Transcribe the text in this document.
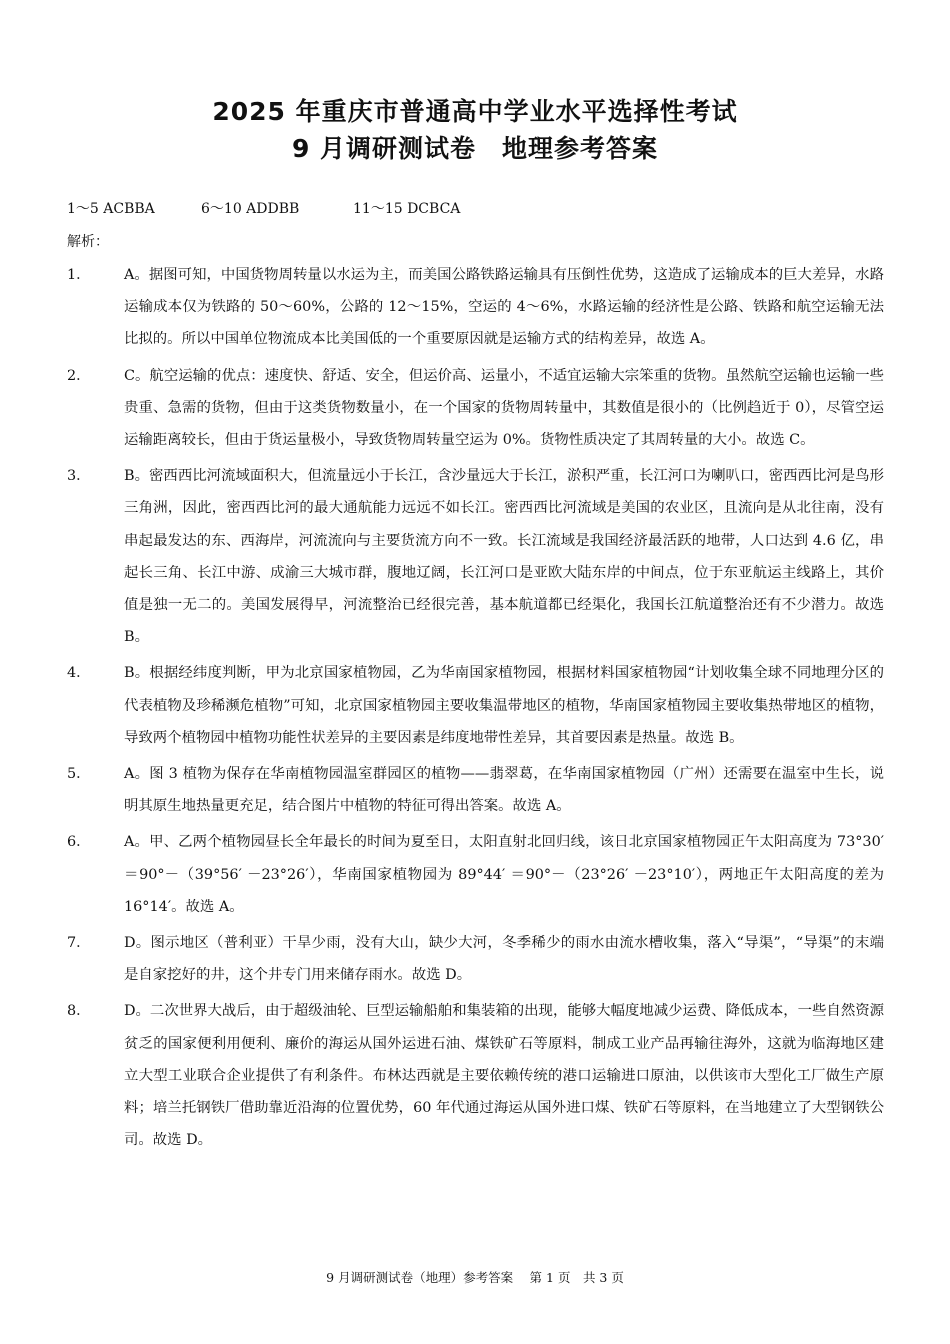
2025 年重庆市普通高中学业水平选择性考试
9 月调研测试卷　地理参考答案
1～5 ACBBA	6～10 ADDBB	11～15 DCBCA
解析：
1． A。据图可知，中国货物周转量以水运为主，而美国公路铁路运输具有压倒性优势，这造成了运输成本的巨大差异，水路运输成本仅为铁路的 50～60%，公路的 12～15%，空运的 4～6%，水路运输的经济性是公路、铁路和航空运输无法比拟的。所以中国单位物流成本比美国低的一个重要原因就是运输方式的结构差异，故选 A。
2． C。航空运输的优点：速度快、舒适、安全，但运价高、运量小，不适宜运输大宗笨重的货物。虽然航空运输也运输一些贵重、急需的货物，但由于这类货物数量小，在一个国家的货物周转量中，其数值是很小的（比例趋近于 0），尽管空运运输距离较长，但由于货运量极小，导致货物周转量空运为 0%。货物性质决定了其周转量的大小。故选 C。
3． B。密西西比河流域面积大，但流量远小于长江，含沙量远大于长江，淤积严重，长江河口为喇叭口，密西西比河是鸟形三角洲，因此，密西西比河的最大通航能力远远不如长江。密西西比河流域是美国的农业区，且流向是从北往南，没有串起最发达的东、西海岸，河流流向与主要货流方向不一致。长江流域是我国经济最活跃的地带，人口达到 4.6 亿，串起长三角、长江中游、成渝三大城市群，腹地辽阔，长江河口是亚欧大陆东岸的中间点，位于东亚航运主线路上，其价值是独一无二的。美国发展得早，河流整治已经很完善，基本航道都已经渠化，我国长江航道整治还有不少潜力。故选 B。
4． B。根据经纬度判断，甲为北京国家植物园，乙为华南国家植物园，根据材料国家植物园“计划收集全球不同地理分区的代表植物及珍稀濒危植物”可知，北京国家植物园主要收集温带地区的植物，华南国家植物园主要收集热带地区的植物，导致两个植物园中植物功能性状差异的主要因素是纬度地带性差异，其首要因素是热量。故选 B。
5． A。图 3 植物为保存在华南植物园温室群园区的植物——翡翠葛，在华南国家植物园（广州）还需要在温室中生长，说明其原生地热量更充足，结合图片中植物的特征可得出答案。故选 A。
6． A。甲、乙两个植物园昼长全年最长的时间为夏至日，太阳直射北回归线，该日北京国家植物园正午太阳高度为 73°30′ ＝90°－（39°56′ －23°26′），华南国家植物园为 89°44′ ＝90°－（23°26′ －23°10′），两地正午太阳高度的差为 16°14′。故选 A。
7． D。图示地区（普利亚）干旱少雨，没有大山，缺少大河，冬季稀少的雨水由流水槽收集，落入“导渠”，“导渠”的末端是自家挖好的井，这个井专门用来储存雨水。故选 D。
8． D。二次世界大战后，由于超级油轮、巨型运输船舶和集装箱的出现，能够大幅度地减少运费、降低成本，一些自然资源贫乏的国家便利用便利、廉价的海运从国外运进石油、煤铁矿石等原料，制成工业产品再输往海外，这就为临海地区建立大型工业联合企业提供了有利条件。布林达西就是主要依赖传统的港口运输进口原油，以供该市大型化工厂做生产原料；培兰托钢铁厂借助靠近沿海的位置优势，60 年代通过海运从国外进口煤、铁矿石等原料，在当地建立了大型钢铁公司。故选 D。
9 月调研测试卷（地理）参考答案　 第 1 页　共 3 页
